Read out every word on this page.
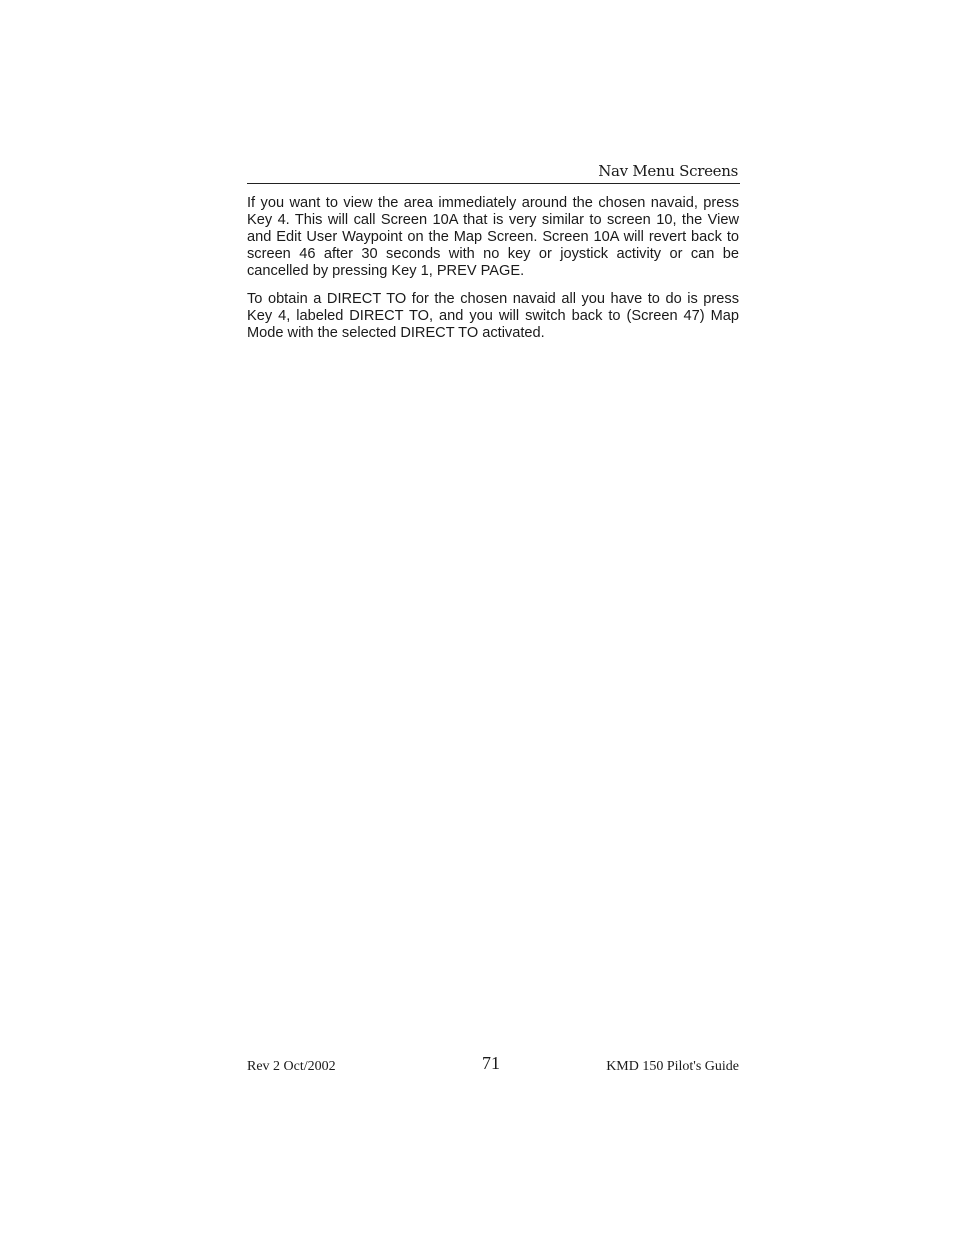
Nav Menu Screens

If you want to view the area immediately around the chosen navaid, press Key 4. This will call Screen 10A that is very similar to screen 10, the View and Edit User Waypoint on the Map Screen. Screen 10A will revert back to screen 46 after 30 seconds with no key or joystick activity or can be cancelled by pressing Key 1, PREV PAGE.

To obtain a DIRECT TO for the chosen navaid all you have to do is press Key 4, labeled DIRECT TO, and you will switch back to (Screen 47) Map Mode with the selected DIRECT TO activated.

Rev 2 Oct/2002	71	KMD 150 Pilot's Guide
